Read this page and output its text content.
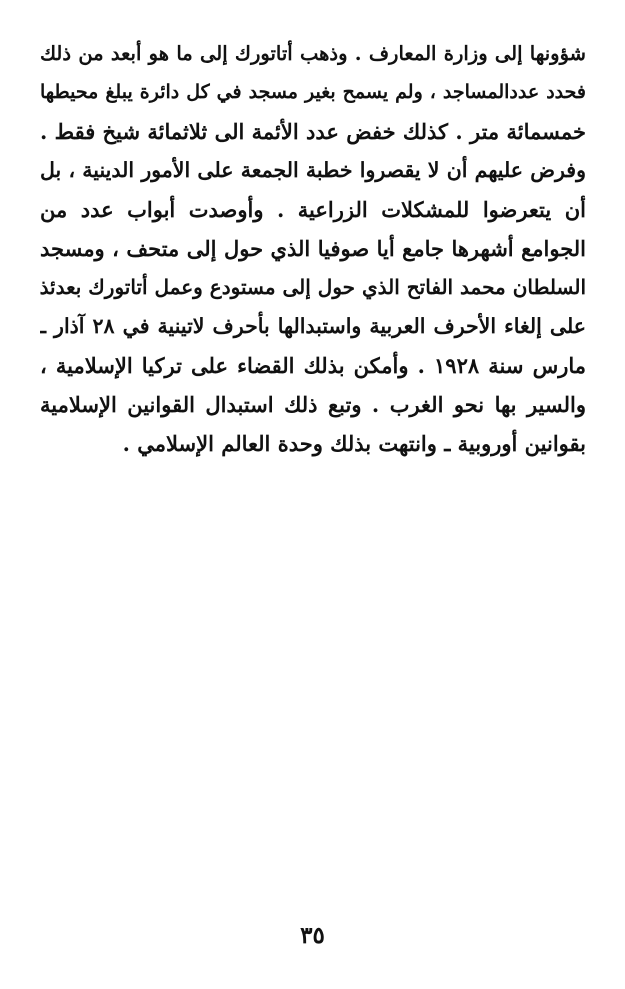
شؤونها إلى وزارة المعارف . وذهب أتاتورك إلى ما هو أبعد من ذلك
فحدد عددالمساجد ، ولم يسمح بغير مسجد في كل دائرة يبلغ محيطها
خمسمائة متر . كذلك خفض عدد الأئمة الى ثلاثمائة شيخ فقط .
وفرض عليهم أن لا يقصروا خطبة الجمعة على الأمور الدينية ، بل
أن يتعرضوا للمشكلات الزراعية . وأوصدت أبواب عدد من
الجوامع أشهرها جامع أيا صوفيا الذي حول إلى متحف ، ومسجد
السلطان محمد الفاتح الذي حول إلى مستودع وعمل أتاتورك بعدئذ
على إلغاء الأحرف العربية واستبدالها بأحرف لاتينية في ٢٨ آذار ـ
مارس سنة ١٩٢٨ . وأمكن بذلك القضاء على تركيا الإسلامية ،
والسير بها نحو الغرب . وتبع ذلك استبدال القوانين الإسلامية
بقوانين أوروبية ـ وانتهت بذلك وحدة العالم الإسلامي .
٣٥
